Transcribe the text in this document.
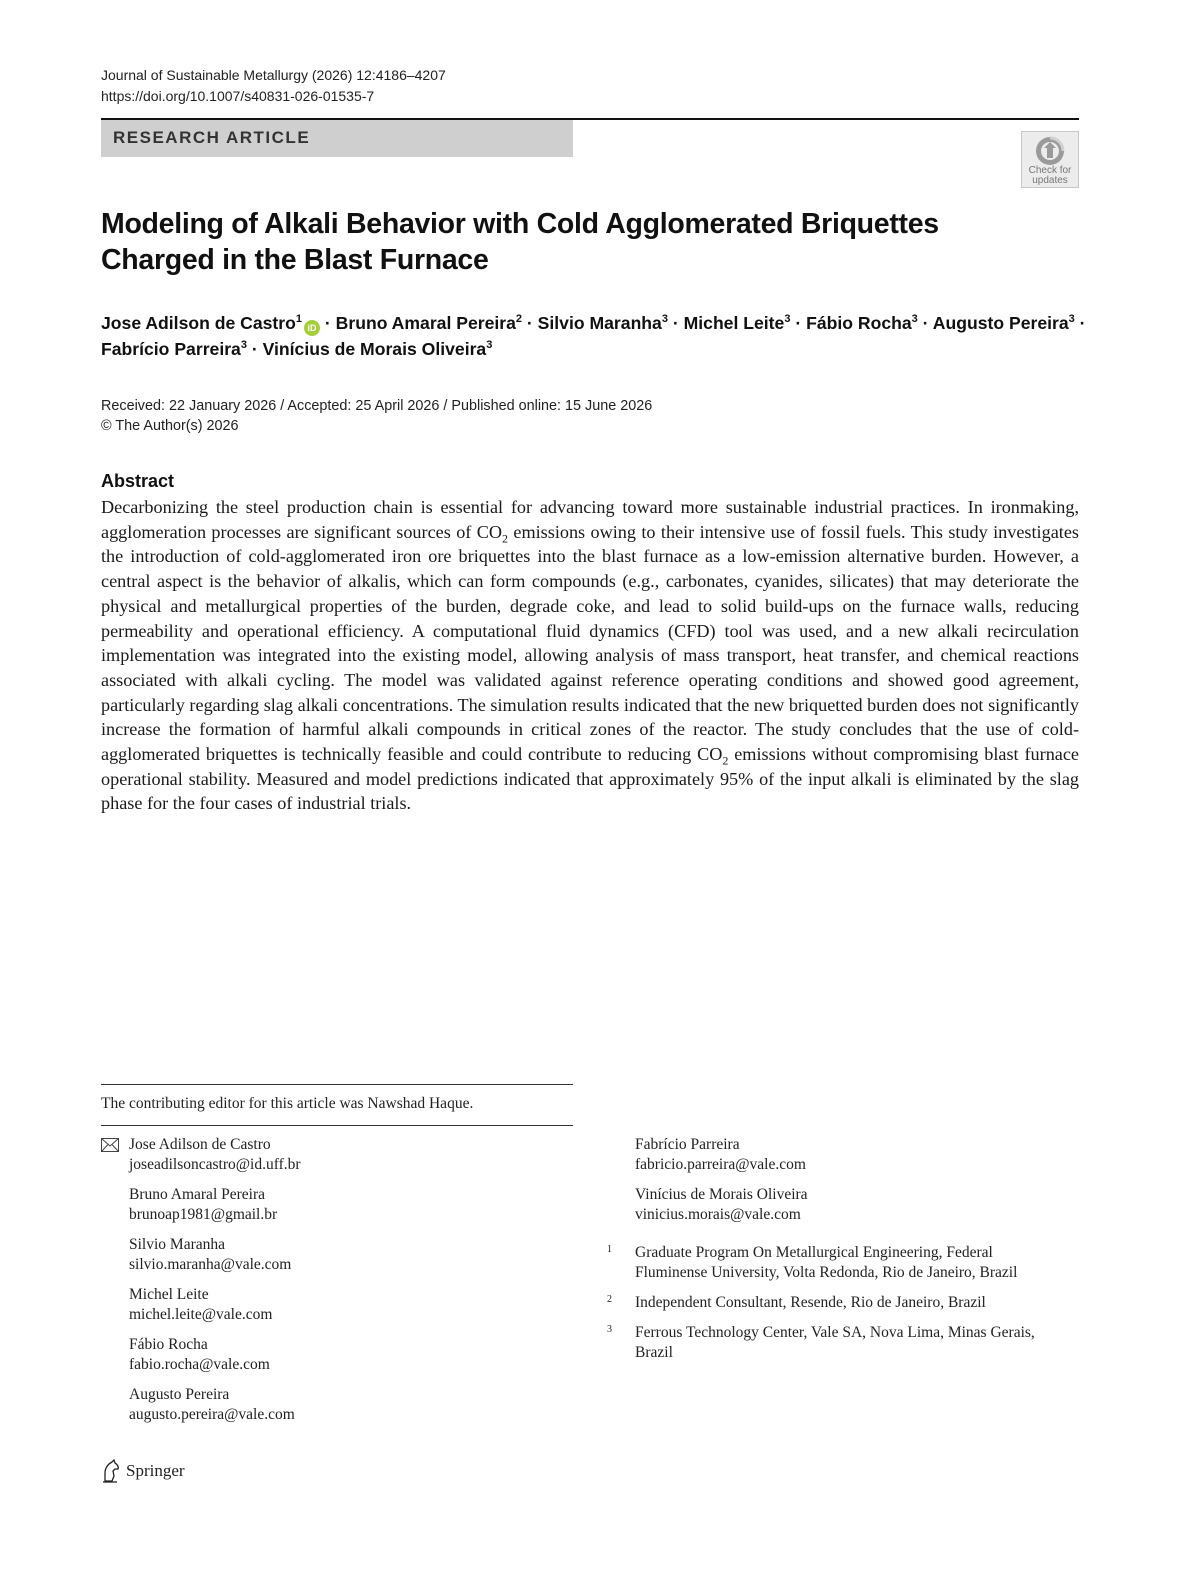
Journal of Sustainable Metallurgy (2026) 12:4186–4207
https://doi.org/10.1007/s40831-026-01535-7
RESEARCH ARTICLE
Check for
updates
Modeling of Alkali Behavior with Cold Agglomerated Briquettes
Charged in the Blast Furnace
Jose Adilson de Castro$^1$iD · Bruno Amaral Pereira$^2$ · Silvio Maranha$^3$ · Michel Leite$^3$ · Fábio Rocha$^3$ · Augusto Pereira$^3$ ·
Fabrício Parreira$^3$ · Vinícius de Morais Oliveira$^3$
Received: 22 January 2026 / Accepted: 25 April 2026 / Published online: 15 June 2026
© The Author(s) 2026
Abstract
Decarbonizing the steel production chain is essential for advancing toward more sustainable industrial practices. In ironmaking, agglomeration processes are significant sources of $CO_2$ emissions owing to their intensive use of fossil fuels. This study investigates the introduction of cold-agglomerated iron ore briquettes into the blast furnace as a low-emission alternative burden. However, a central aspect is the behavior of alkalis, which can form compounds (e.g., carbonates, cyanides, silicates) that may deteriorate the physical and metallurgical properties of the burden, degrade coke, and lead to solid build-ups on the furnace walls, reducing permeability and operational efficiency. A computational fluid dynamics (CFD) tool was used, and a new alkali recirculation implementation was integrated into the existing model, allowing analysis of mass transport, heat transfer, and chemical reactions associated with alkali cycling. The model was validated against reference operating conditions and showed good agreement, particularly regarding slag alkali concentrations. The simulation results indicated that the new briquetted burden does not significantly increase the formation of harmful alkali compounds in critical zones of the reactor. The study concludes that the use of cold-agglomerated briquettes is technically feasible and could contribute to reducing $CO_2$ emissions without compromising blast furnace operational stability. Measured and model predictions indicated that approximately 95% of the input alkali is eliminated by the slag phase for the four cases of industrial trials.
The contributing editor for this article was Nawshad Haque.
Jose Adilson de Castro
joseadilsoncastro@id.uff.br
Bruno Amaral Pereira
brunoap1981@gmail.br
Silvio Maranha
silvio.maranha@vale.com
Michel Leite
michel.leite@vale.com
Fábio Rocha
fabio.rocha@vale.com
Augusto Pereira
augusto.pereira@vale.com
Fabrício Parreira
fabricio.parreira@vale.com
Vinícius de Morais Oliveira
vinicius.morais@vale.com
1	Graduate Program On Metallurgical Engineering, Federal Fluminense University, Volta Redonda, Rio de Janeiro, Brazil
2	Independent Consultant, Resende, Rio de Janeiro, Brazil
3	Ferrous Technology Center, Vale SA, Nova Lima, Minas Gerais, Brazil
Springer
